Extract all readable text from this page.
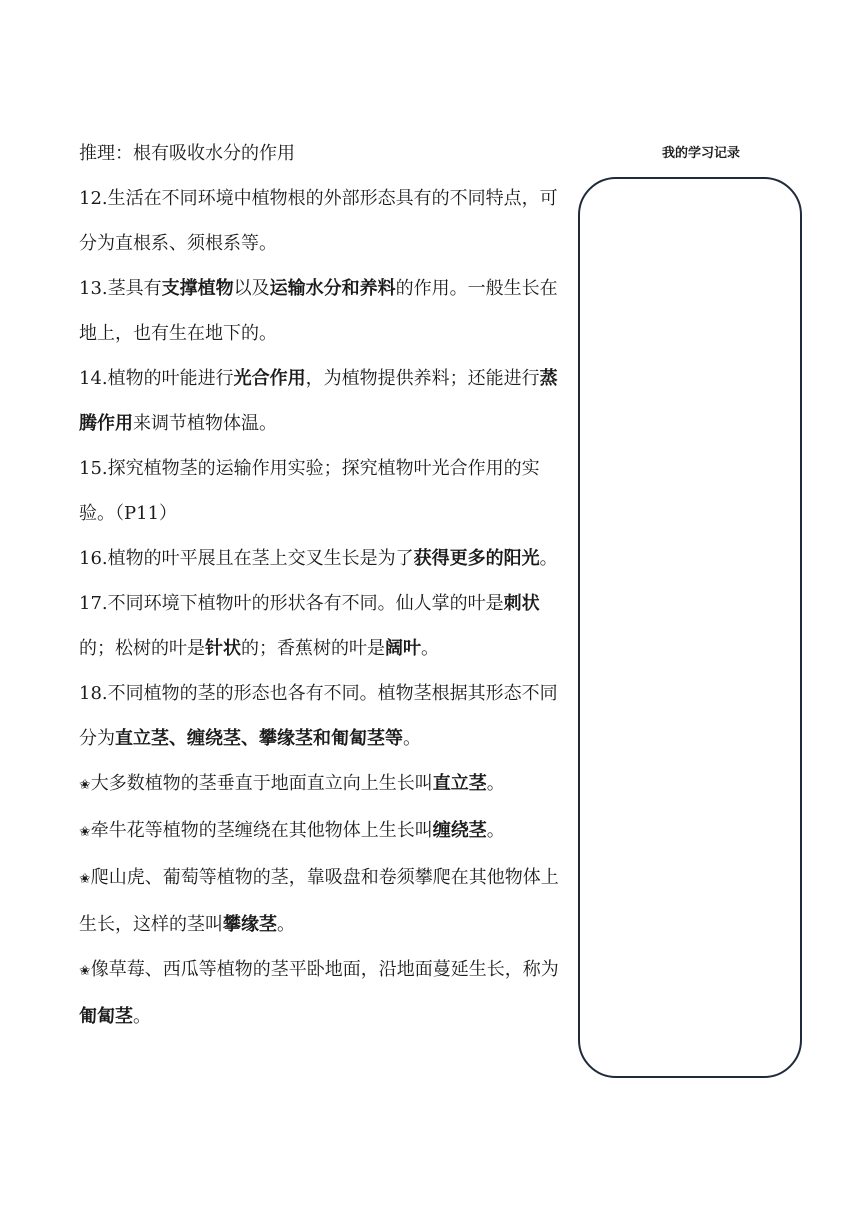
推理：根有吸收水分的作用

12.生活在不同环境中植物根的外部形态具有的不同特点，可分为直根系、须根系等。

13.茎具有支撑植物以及运输水分和养料的作用。一般生长在地上，也有生在地下的。

14.植物的叶能进行光合作用，为植物提供养料；还能进行蒸腾作用来调节植物体温。

15.探究植物茎的运输作用实验；探究植物叶光合作用的实验。（P11）

16.植物的叶平展且在茎上交叉生长是为了获得更多的阳光。

17.不同环境下植物叶的形状各有不同。仙人掌的叶是刺状的；松树的叶是针状的；香蕉树的叶是阔叶。

18.不同植物的茎的形态也各有不同。植物茎根据其形态不同分为直立茎、缠绕茎、攀缘茎和匍匐茎等。

✬大多数植物的茎垂直于地面直立向上生长叫直立茎。

✬牵牛花等植物的茎缠绕在其他物体上生长叫缠绕茎。

✬爬山虎、葡萄等植物的茎，靠吸盘和卷须攀爬在其他物体上生长，这样的茎叫攀缘茎。

✬像草莓、西瓜等植物的茎平卧地面，沿地面蔓延生长，称为匍匐茎。

我的学习记录
